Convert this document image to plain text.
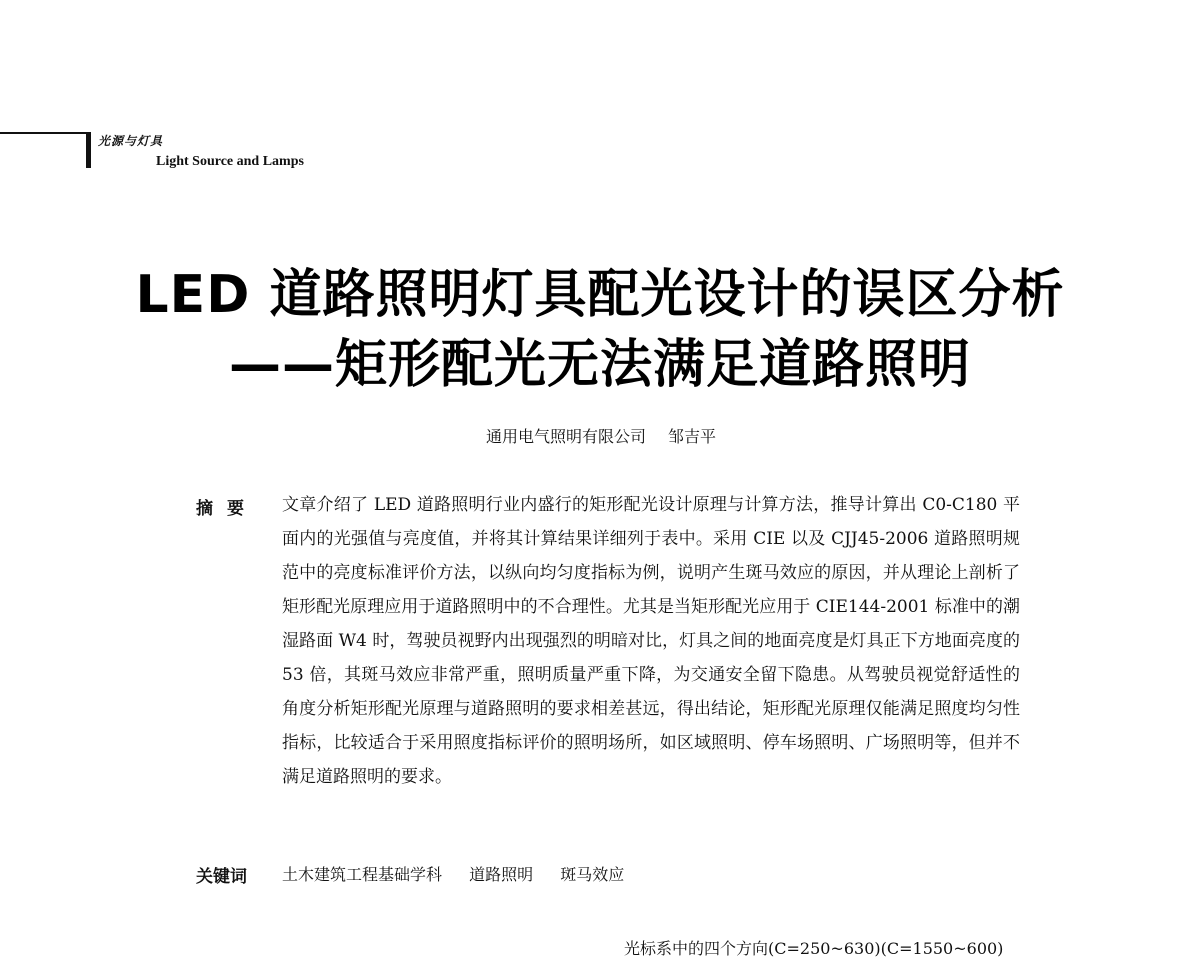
光源与灯具
Light Source and Lamps
LED 道路照明灯具配光设计的误区分析
——矩形配光无法满足道路照明
通用电气照明有限公司 邹吉平
摘要 文章介绍了 LED 道路照明行业内盛行的矩形配光设计原理与计算方法，推导计算出 C0-C180 平面内的光强值与亮度值，并将其计算结果详细列于表中。采用 CIE 以及 CJJ45-2006 道路照明规范中的亮度标准评价方法，以纵向均匀度指标为例，说明产生斑马效应的原因，并从理论上剖析了矩形配光原理应用于道路照明中的不合理性。尤其是当矩形配光应用于 CIE144-2001 标准中的潮湿路面 W4 时，驾驶员视野内出现强烈的明暗对比，灯具之间的地面亮度是灯具正下方地面亮度的 53 倍，其斑马效应非常严重，照明质量严重下降，为交通安全留下隐患。从驾驶员视觉舒适性的角度分析矩形配光原理与道路照明的要求相差甚远，得出结论，矩形配光原理仅能满足照度均匀性指标，比较适合于采用照度指标评价的照明场所，如区域照明、停车场照明、广场照明等，但并不满足道路照明的要求。
关键词 土木建筑工程基础学科 道路照明 斑马效应
光标系中的四个方向(C=250~630)(C=1550~600)
